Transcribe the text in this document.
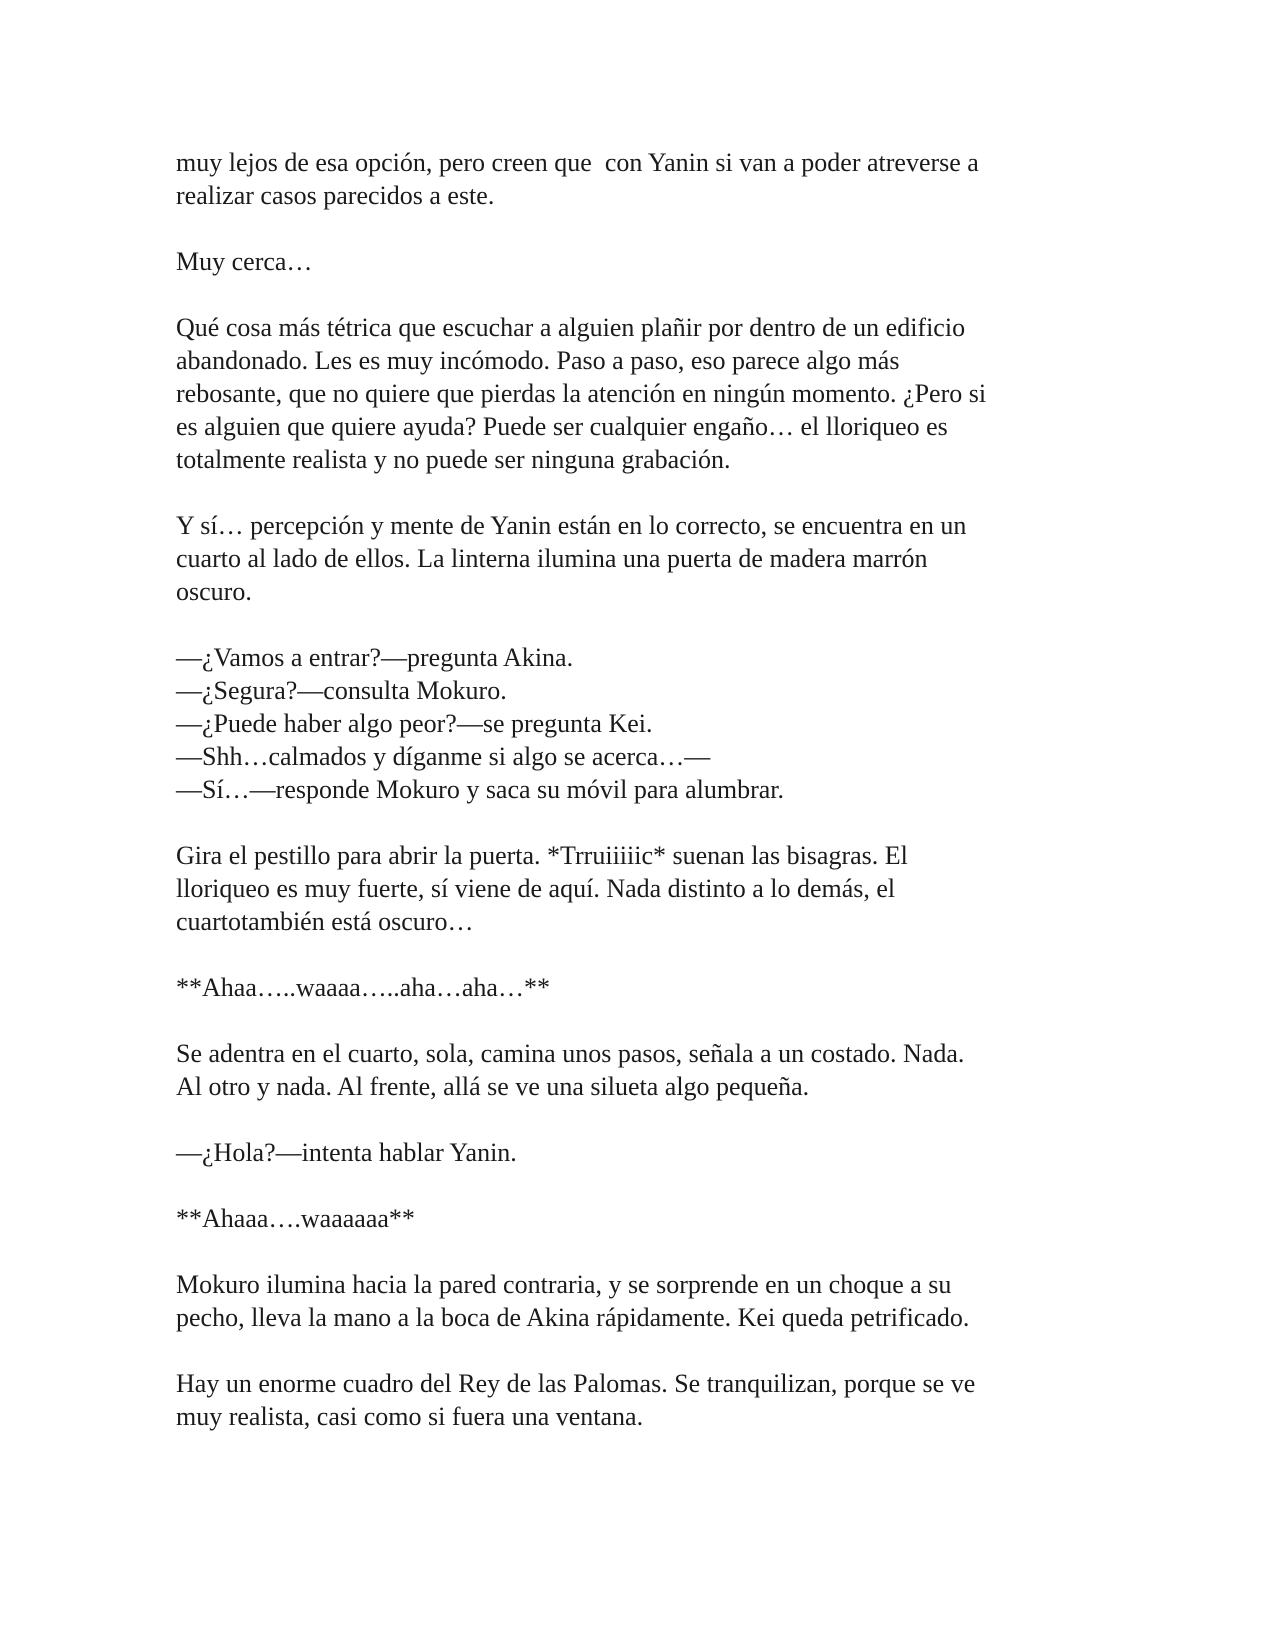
muy lejos de esa opción, pero creen que  con Yanin si van a poder atreverse a
realizar casos parecidos a este.

Muy cerca…

Qué cosa más tétrica que escuchar a alguien plañir por dentro de un edificio
abandonado. Les es muy incómodo. Paso a paso, eso parece algo más
rebosante, que no quiere que pierdas la atención en ningún momento. ¿Pero si
es alguien que quiere ayuda? Puede ser cualquier engaño… el lloriqueo es
totalmente realista y no puede ser ninguna grabación.

Y sí… percepción y mente de Yanin están en lo correcto, se encuentra en un
cuarto al lado de ellos. La linterna ilumina una puerta de madera marrón
oscuro.

—¿Vamos a entrar?—pregunta Akina.

—¿Segura?—consulta Mokuro.

—¿Puede haber algo peor?—se pregunta Kei.

—Shh…calmados y díganme si algo se acerca…—

—Sí…—responde Mokuro y saca su móvil para alumbrar.

Gira el pestillo para abrir la puerta. *Trruiiiiic* suenan las bisagras. El
lloriqueo es muy fuerte, sí viene de aquí. Nada distinto a lo demás, el
cuartotambién está oscuro…

**Ahaa…..waaaa…..aha…aha…**

Se adentra en el cuarto, sola, camina unos pasos, señala a un costado. Nada.
Al otro y nada. Al frente, allá se ve una silueta algo pequeña.

—¿Hola?—intenta hablar Yanin.

**Ahaaa….waaaaaa**

Mokuro ilumina hacia la pared contraria, y se sorprende en un choque a su
pecho, lleva la mano a la boca de Akina rápidamente. Kei queda petrificado.

Hay un enorme cuadro del Rey de las Palomas. Se tranquilizan, porque se ve
muy realista, casi como si fuera una ventana.
